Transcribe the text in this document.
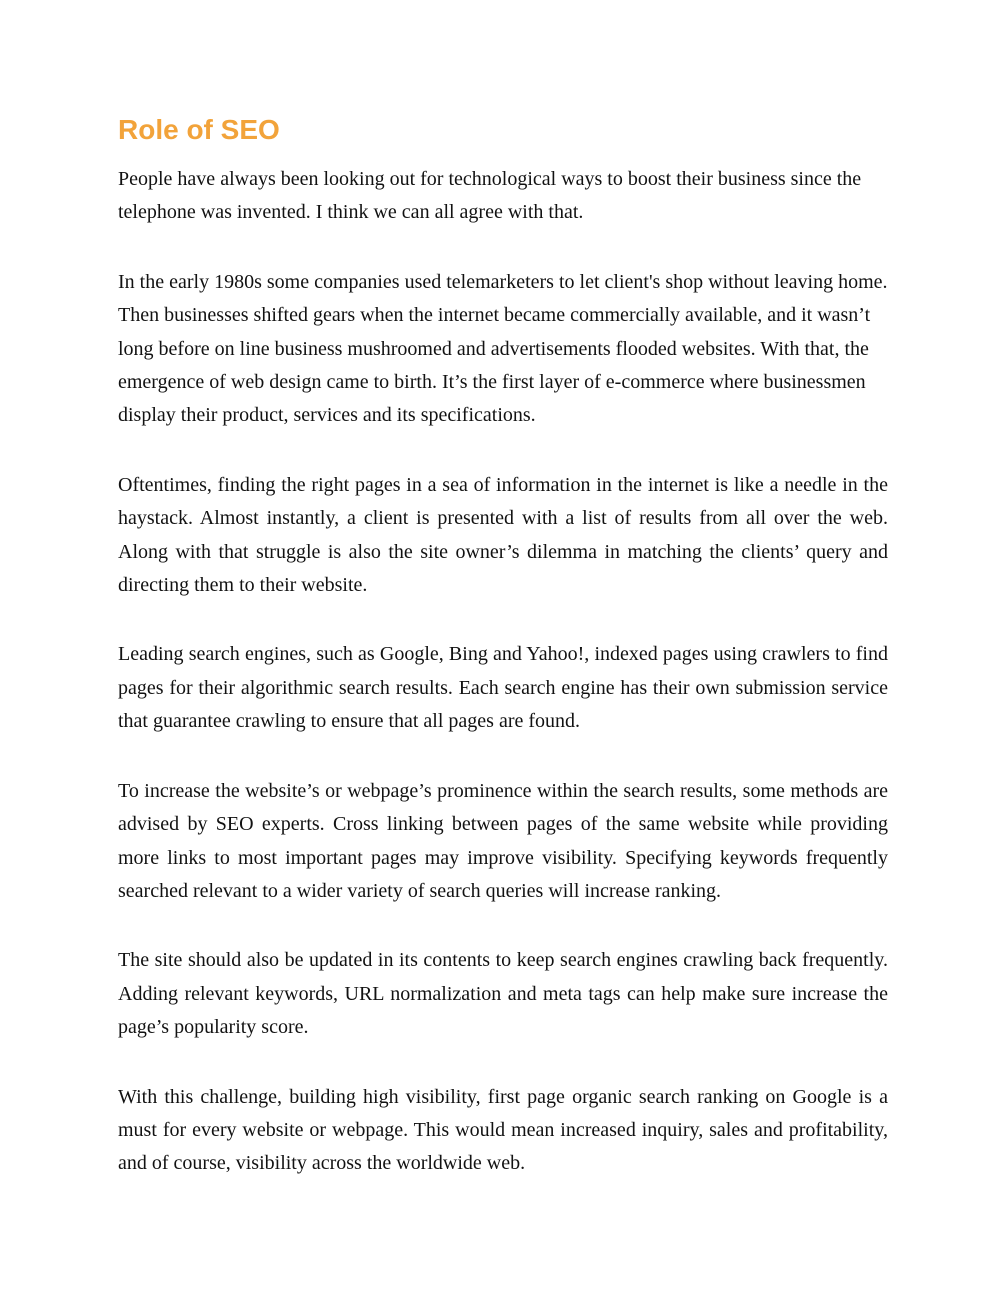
Role of SEO

People have always been looking out for technological ways to boost their business since the telephone was invented. I think we can all agree with that.

In the early 1980s some companies used telemarketers to let client's shop without leaving home. Then businesses shifted gears when the internet became commercially available, and it wasn’t long before on line business mushroomed and advertisements flooded websites. With that, the emergence of web design came to birth. It’s the first layer of e-commerce where businessmen display their product, services and its specifications.

Oftentimes, finding the right pages in a sea of information in the internet is like a needle in the haystack. Almost instantly, a client is presented with a list of results from all over the web. Along with that struggle is also the site owner’s dilemma in matching the clients’ query and directing them to their website.

Leading search engines, such as Google, Bing and Yahoo!, indexed pages using crawlers to find pages for their algorithmic search results. Each search engine has their own submission service that guarantee crawling to ensure that all pages are found.

To increase the website’s or webpage’s prominence within the search results, some methods are advised by SEO experts. Cross linking between pages of the same website while providing more links to most important pages may improve visibility. Specifying keywords frequently searched relevant to a wider variety of search queries will increase ranking.

The site should also be updated in its contents to keep search engines crawling back frequently. Adding relevant keywords, URL normalization and meta tags can help make sure increase the page’s popularity score.

With this challenge, building high visibility, first page organic search ranking on Google is a must for every website or webpage. This would mean increased inquiry, sales and profitability, and of course, visibility across the worldwide web.
